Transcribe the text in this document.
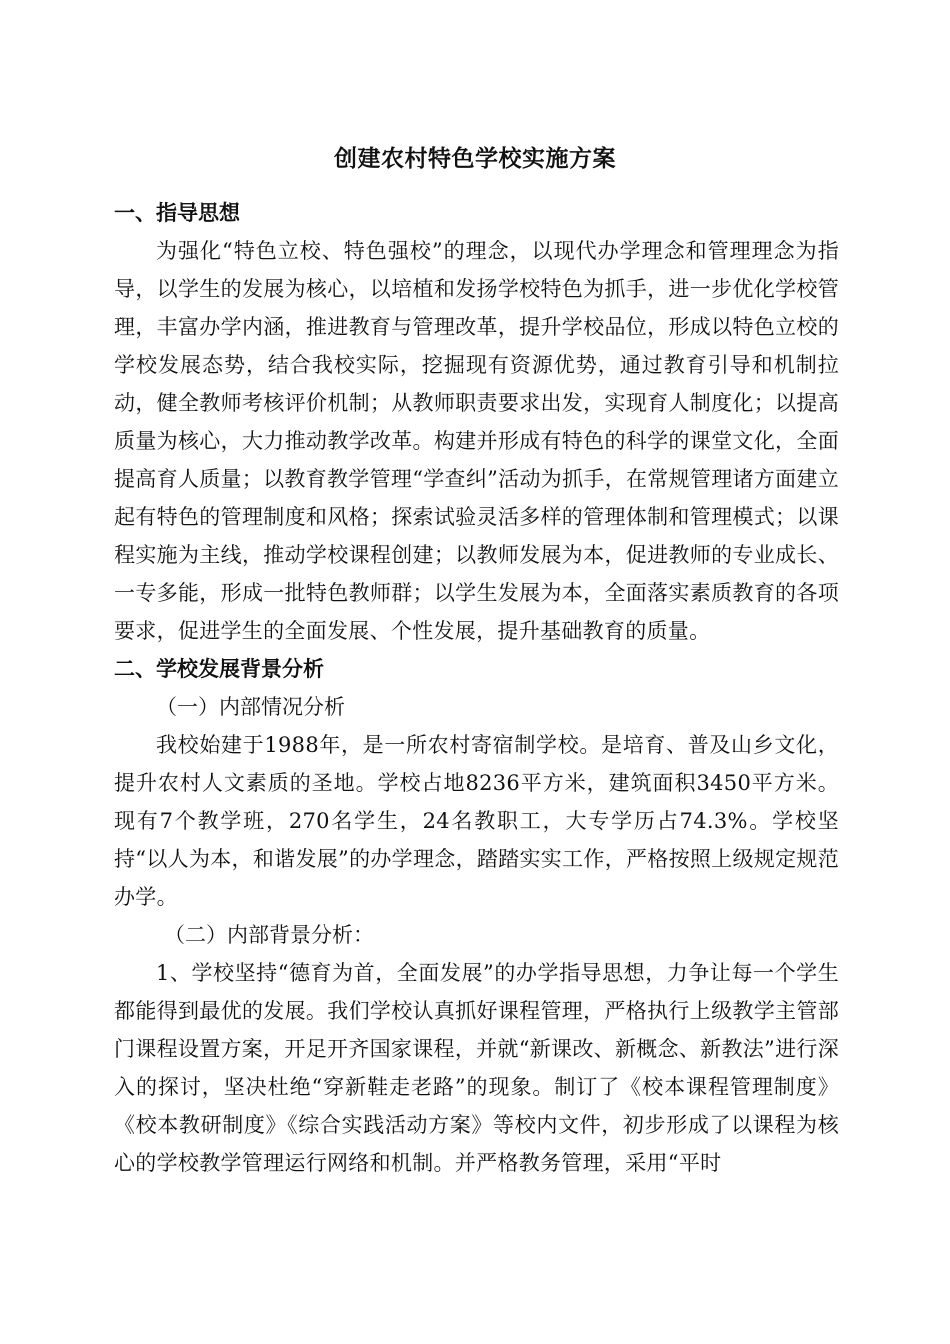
创建农村特色学校实施方案

一、指导思想

为强化“特色立校、特色强校”的理念，以现代办学理念和管理理念为指导，以学生的发展为核心，以培植和发扬学校特色为抓手，进一步优化学校管理，丰富办学内涵，推进教育与管理改革，提升学校品位，形成以特色立校的学校发展态势，结合我校实际，挖掘现有资源优势，通过教育引导和机制拉动，健全教师考核评价机制；从教师职责要求出发，实现育人制度化；以提高质量为核心，大力推动教学改革。构建并形成有特色的科学的课堂文化，全面提高育人质量；以教育教学管理“学查纠”活动为抓手，在常规管理诸方面建立起有特色的管理制度和风格；探索试验灵活多样的管理体制和管理模式；以课程实施为主线，推动学校课程创建；以教师发展为本，促进教师的专业成长、一专多能，形成一批特色教师群；以学生发展为本，全面落实素质教育的各项要求，促进学生的全面发展、个性发展，提升基础教育的质量。

二、学校发展背景分析

（一）内部情况分析

我校始建于1988年，是一所农村寄宿制学校。是培育、普及山乡文化，提升农村人文素质的圣地。学校占地8236平方米，建筑面积3450平方米。现有7个教学班，270名学生，24名教职工，大专学历占74.3%。学校坚持“以人为本，和谐发展”的办学理念，踏踏实实工作，严格按照上级规定规范办学。

（二）内部背景分析：

1、学校坚持“德育为首，全面发展”的办学指导思想，力争让每一个学生都能得到最优的发展。我们学校认真抓好课程管理，严格执行上级教学主管部门课程设置方案，开足开齐国家课程，并就“新课改、新概念、新教法”进行深入的探讨，坚决杜绝“穿新鞋走老路”的现象。制订了《校本课程管理制度》《校本教研制度》《综合实践活动方案》等校内文件，初步形成了以课程为核心的学校教学管理运行网络和机制。并严格教务管理，采用“平时
